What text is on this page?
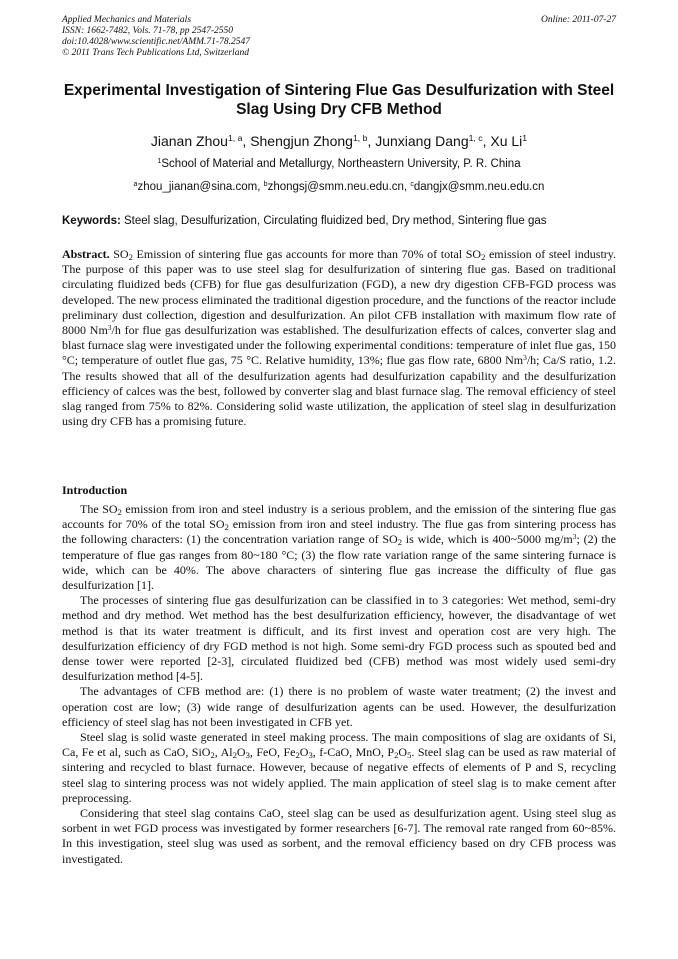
Applied Mechanics and Materials
ISSN: 1662-7482, Vols. 71-78, pp 2547-2550
doi:10.4028/www.scientific.net/AMM.71-78.2547
© 2011 Trans Tech Publications Ltd, Switzerland
Online: 2011-07-27
Experimental Investigation of Sintering Flue Gas Desulfurization with Steel Slag Using Dry CFB Method
Jianan Zhou$^{1, a}$, Shengjun Zhong$^{1, b}$, Junxiang Dang$^{1, c}$, Xu Li$^1$
$^1$School of Material and Metallurgy, Northeastern University, P. R. China
$^a$zhou_jianan@sina.com, $^b$zhongsj@smm.neu.edu.cn, $^c$dangjx@smm.neu.edu.cn
Keywords: Steel slag, Desulfurization, Circulating fluidized bed, Dry method, Sintering flue gas

Abstract. $SO_2$ Emission of sintering flue gas accounts for more than 70% of total $SO_2$ emission of steel industry. The purpose of this paper was to use steel slag for desulfurization of sintering flue gas. Based on traditional circulating fluidized beds (CFB) for flue gas desulfurization (FGD), a new dry digestion CFB-FGD process was developed. The new process eliminated the traditional digestion procedure, and the functions of the reactor include preliminary dust collection, digestion and desulfurization. An pilot CFB installation with maximum flow rate of 8000 Nm$^3$/h for flue gas desulfurization was established. The desulfurization effects of calces, converter slag and blast furnace slag were investigated under the following experimental conditions: temperature of inlet flue gas, 150 °C; temperature of outlet flue gas, 75 °C. Relative humidity, 13%; flue gas flow rate, 6800 Nm$^3$/h; Ca/S ratio, 1.2. The results showed that all of the desulfurization agents had desulfurization capability and the desulfurization efficiency of calces was the best, followed by converter slag and blast furnace slag. The removal efficiency of steel slag ranged from 75% to 82%. Considering solid waste utilization, the application of steel slag in desulfurization using dry CFB has a promising future.

Introduction

The $SO_2$ emission from iron and steel industry is a serious problem, and the emission of the sintering flue gas accounts for 70% of the total $SO_2$ emission from iron and steel industry. The flue gas from sintering process has the following characters: (1) the concentration variation range of $SO_2$ is wide, which is 400~5000 $mg/m^3$; (2) the temperature of flue gas ranges from 80~180 °C; (3) the flow rate variation range of the same sintering furnace is wide, which can be 40%. The above characters of sintering flue gas increase the difficulty of flue gas desulfurization [1].

The processes of sintering flue gas desulfurization can be classified in to 3 categories: Wet method, semi-dry method and dry method. Wet method has the best desulfurization efficiency, however, the disadvantage of wet method is that its water treatment is difficult, and its first invest and operation cost are very high. The desulfurization efficiency of dry FGD method is not high. Some semi-dry FGD process such as spouted bed and dense tower were reported [2-3], circulated fluidized bed (CFB) method was most widely used semi-dry desulfurization method [4-5].

The advantages of CFB method are: (1) there is no problem of waste water treatment; (2) the invest and operation cost are low; (3) wide range of desulfurization agents can be used. However, the desulfurization efficiency of steel slag has not been investigated in CFB yet.

Steel slag is solid waste generated in steel making process. The main compositions of slag are oxidants of Si, Ca, Fe et al, such as CaO, SiO$_2$, $Al_2O_3$, FeO, $Fe_2O_3$, f-CaO, MnO, $P_2O_5$. Steel slag can be used as raw material of sintering and recycled to blast furnace. However, because of negative effects of elements of P and S, recycling steel slag to sintering process was not widely applied. The main application of steel slag is to make cement after preprocessing.

Considering that steel slag contains CaO, steel slag can be used as desulfurization agent. Using steel slug as sorbent in wet FGD process was investigated by former researchers [6-7]. The removal rate ranged from 60~85%. In this investigation, steel slug was used as sorbent, and the removal efficiency based on dry CFB process was investigated.
